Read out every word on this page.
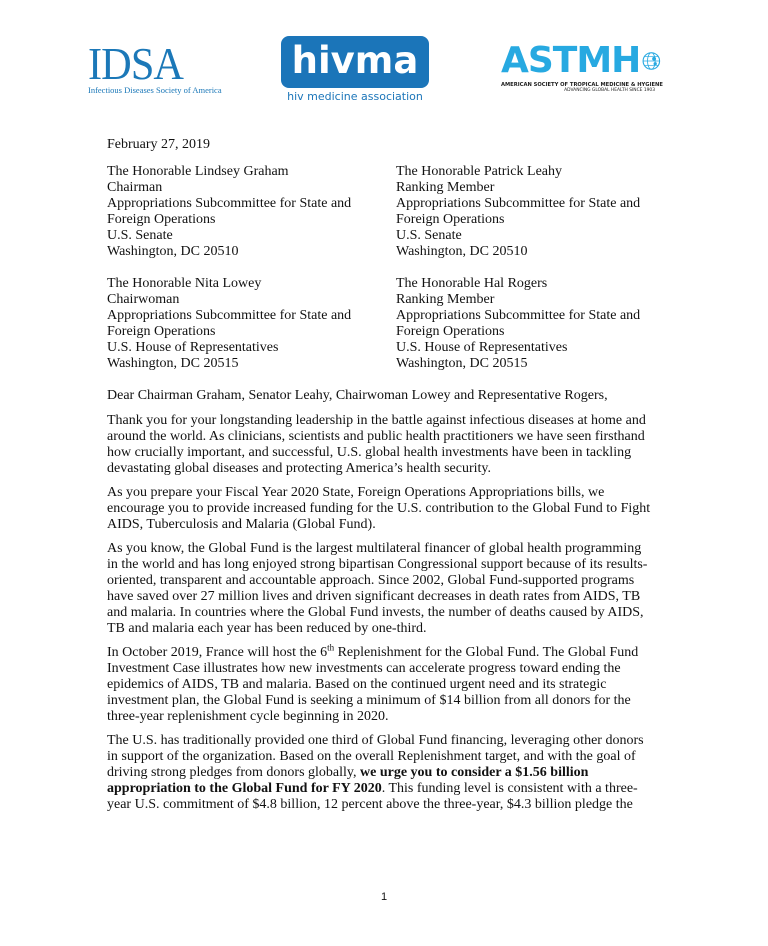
IDSA
Infectious Diseases Society of America
hivma
hiv medicine association
ASTMH
AMERICAN SOCIETY OF TROPICAL MEDICINE & HYGIENE
ADVANCING GLOBAL HEALTH SINCE 1903

February 27, 2019

The Honorable Lindsey Graham
Chairman
Appropriations Subcommittee for State and
Foreign Operations
U.S. Senate
Washington, DC 20510
The Honorable Patrick Leahy
Ranking Member
Appropriations Subcommittee for State and
Foreign Operations
U.S. Senate
Washington, DC 20510
The Honorable Nita Lowey
Chairwoman
Appropriations Subcommittee for State and
Foreign Operations
U.S. House of Representatives
Washington, DC 20515
The Honorable Hal Rogers
Ranking Member
Appropriations Subcommittee for State and
Foreign Operations
U.S. House of Representatives
Washington, DC 20515

Dear Chairman Graham, Senator Leahy, Chairwoman Lowey and Representative Rogers,

Thank you for your longstanding leadership in the battle against infectious diseases at home and
around the world. As clinicians, scientists and public health practitioners we have seen firsthand
how crucially important, and successful, U.S. global health investments have been in tackling
devastating global diseases and protecting America’s health security.

As you prepare your Fiscal Year 2020 State, Foreign Operations Appropriations bills, we
encourage you to provide increased funding for the U.S. contribution to the Global Fund to Fight
AIDS, Tuberculosis and Malaria (Global Fund).

As you know, the Global Fund is the largest multilateral financer of global health programming
in the world and has long enjoyed strong bipartisan Congressional support because of its results-
oriented, transparent and accountable approach. Since 2002, Global Fund-supported programs
have saved over 27 million lives and driven significant decreases in death rates from AIDS, TB
and malaria. In countries where the Global Fund invests, the number of deaths caused by AIDS,
TB and malaria each year has been reduced by one-third.

In October 2019, France will host the 6th Replenishment for the Global Fund. The Global Fund
Investment Case illustrates how new investments can accelerate progress toward ending the
epidemics of AIDS, TB and malaria. Based on the continued urgent need and its strategic
investment plan, the Global Fund is seeking a minimum of $14 billion from all donors for the
three-year replenishment cycle beginning in 2020.

The U.S. has traditionally provided one third of Global Fund financing, leveraging other donors
in support of the organization. Based on the overall Replenishment target, and with the goal of
driving strong pledges from donors globally, we urge you to consider a $1.56 billion
appropriation to the Global Fund for FY 2020. This funding level is consistent with a three-
year U.S. commitment of $4.8 billion, 12 percent above the three-year, $4.3 billion pledge the

1
